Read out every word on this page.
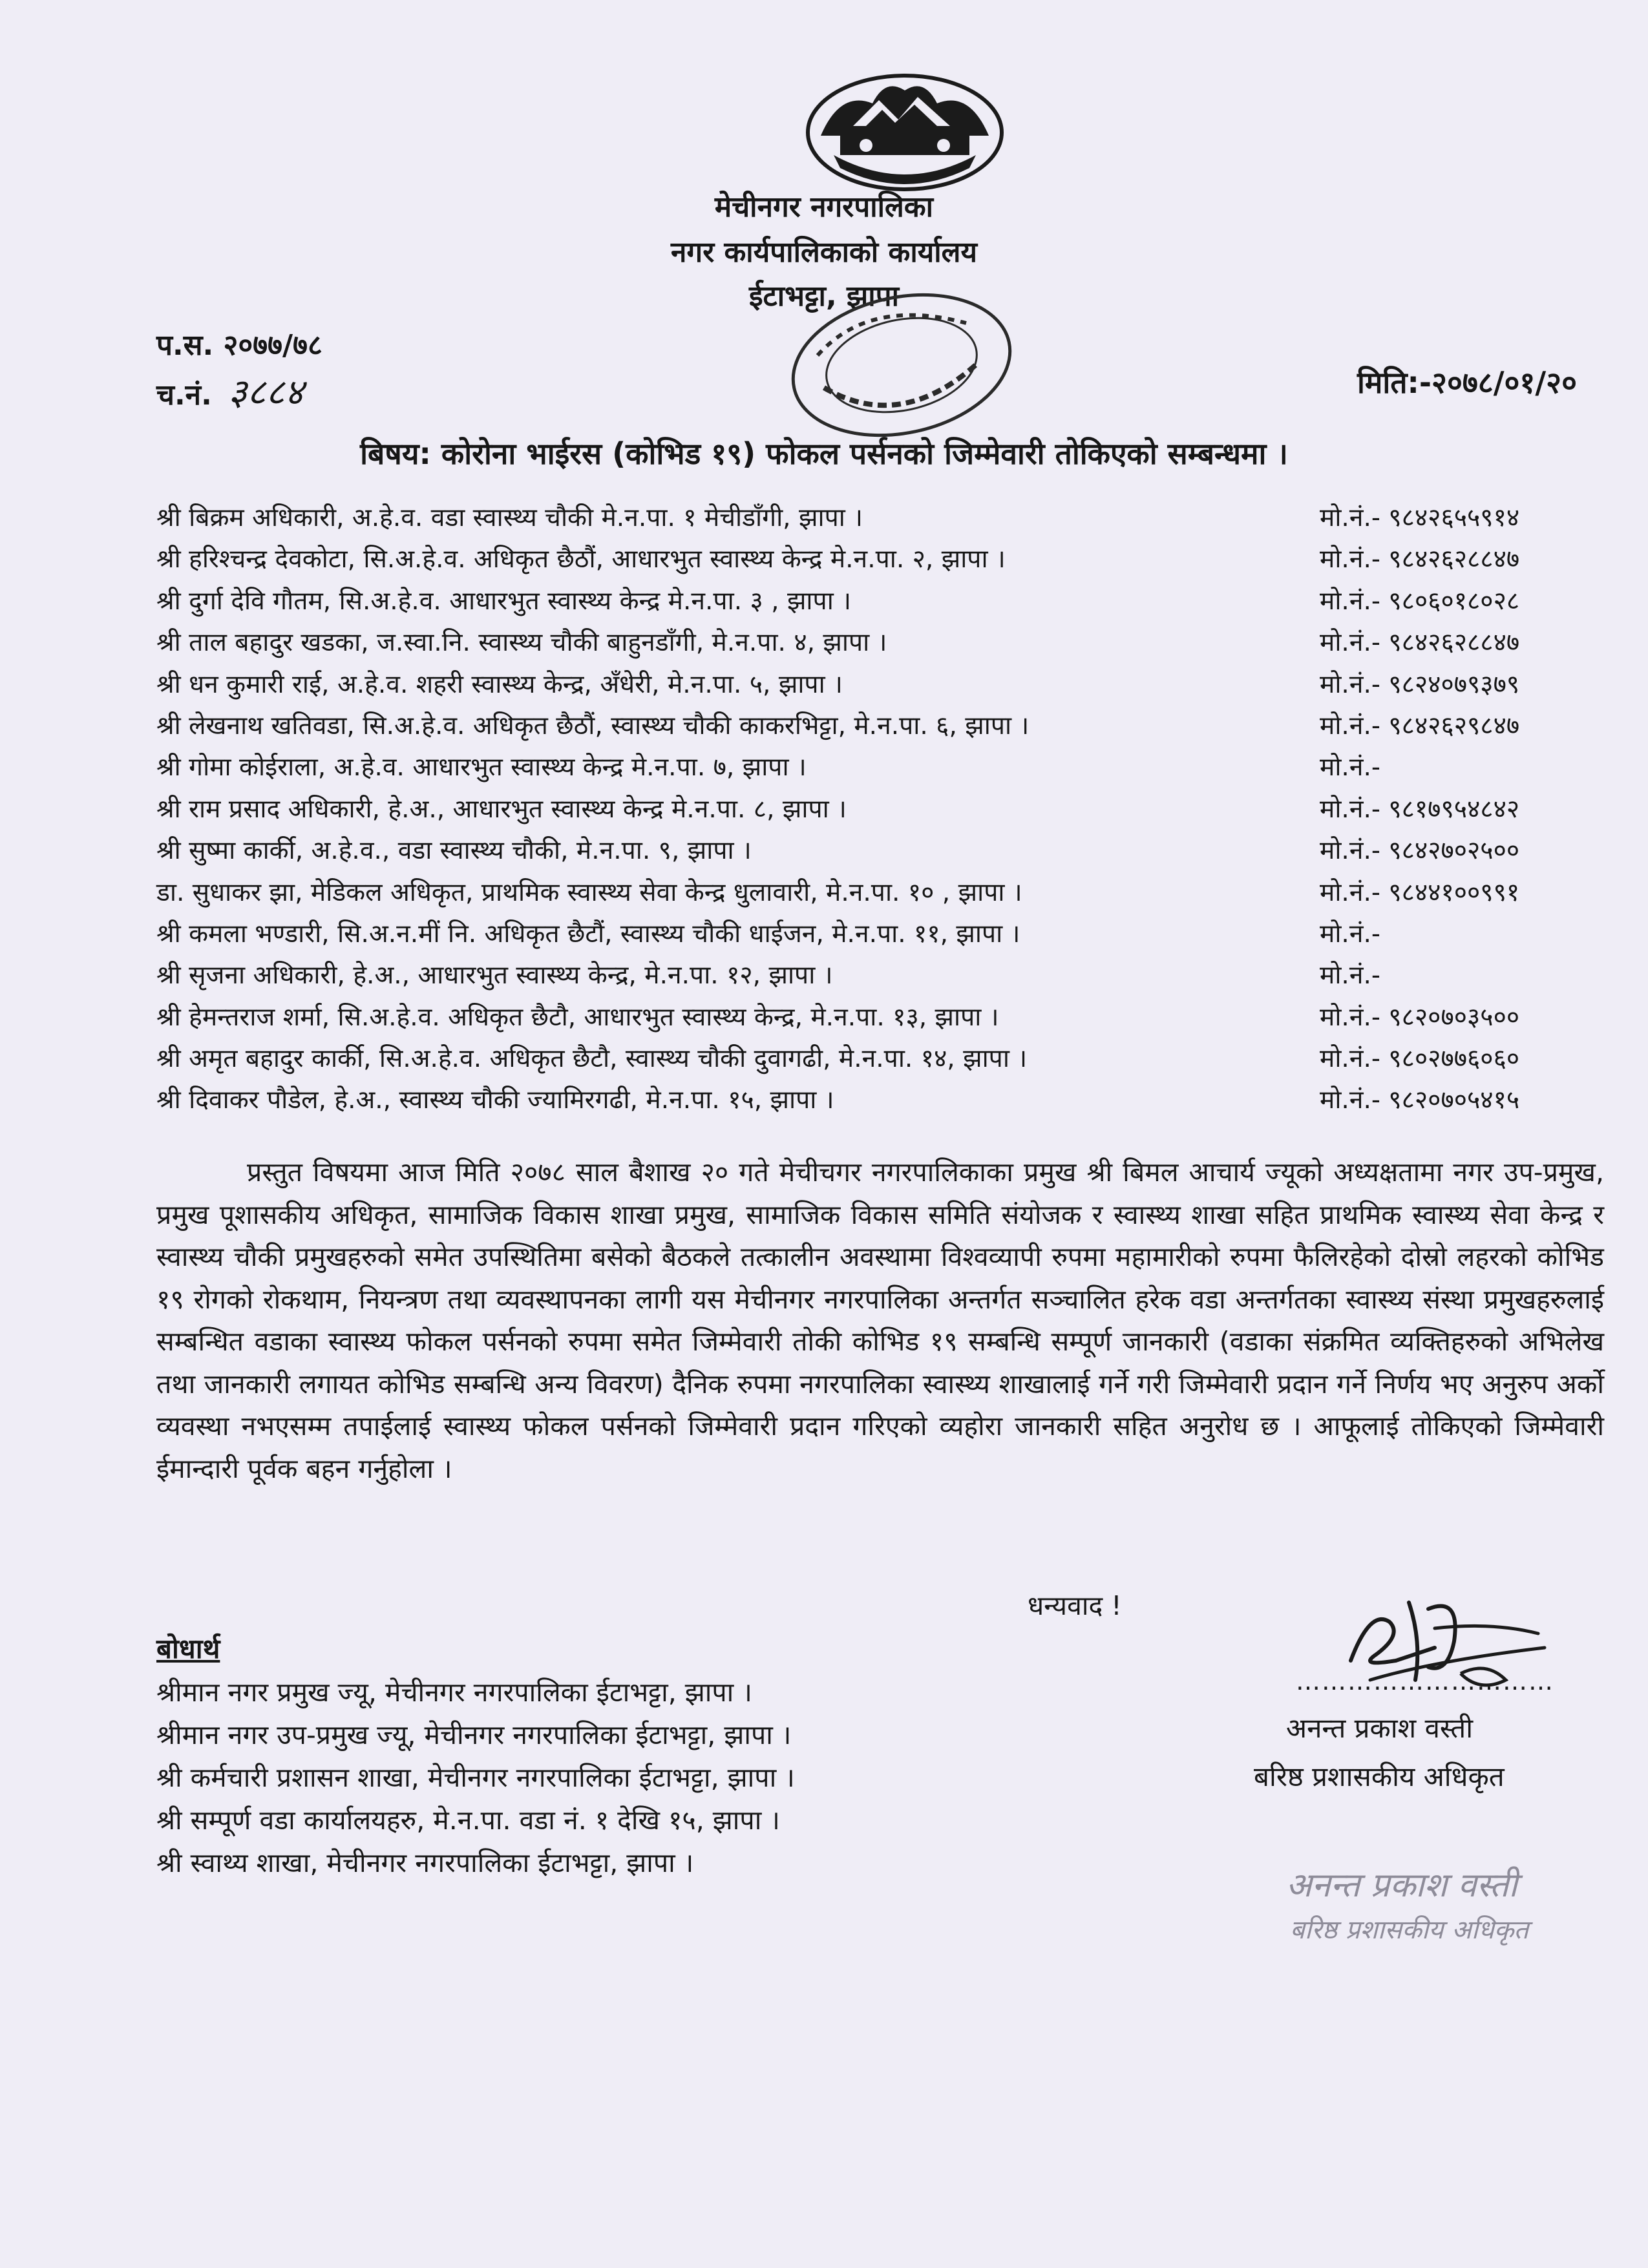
मेचीनगर नगरपालिका
नगर कार्यपालिकाको कार्यालय
ईटाभट्टा, झापा
प.स. २०७७/७८
च.नं. ३८८४	मिति:-२०७८/०१/२०
बिषय: कोरोना भाईरस (कोभिड १९) फोकल पर्सनको जिम्मेवारी तोकिएको सम्बन्धमा ।
श्री बिक्रम अधिकारी, अ.हे.व. वडा स्वास्थ्य चौकी मे.न.पा. १ मेचीडाँगी, झापा ।	मो.नं.- ९८४२६५५९१४
श्री हरिश्चन्द्र देवकोटा, सि.अ.हे.व. अधिकृत छैठौं, आधारभुत स्वास्थ्य केन्द्र मे.न.पा. २, झापा ।	मो.नं.- ९८४२६२८८४७
श्री दुर्गा देवि गौतम, सि.अ.हे.व. आधारभुत स्वास्थ्य केन्द्र मे.न.पा. ३ , झापा ।	मो.नं.- ९८०६०१८०२८
श्री ताल बहादुर खडका, ज.स्वा.नि. स्वास्थ्य चौकी बाहुनडाँगी, मे.न.पा. ४, झापा ।	मो.नं.- ९८४२६२८८४७
श्री धन कुमारी राई, अ.हे.व. शहरी स्वास्थ्य केन्द्र, अँधेरी, मे.न.पा. ५, झापा ।	मो.नं.- ९८२४०७९३७९
श्री लेखनाथ खतिवडा, सि.अ.हे.व. अधिकृत छैठौं, स्वास्थ्य चौकी काकरभिट्टा, मे.न.पा. ६, झापा ।	मो.नं.- ९८४२६२९८४७
श्री गोमा कोईराला, अ.हे.व. आधारभुत स्वास्थ्य केन्द्र मे.न.पा. ७, झापा ।	मो.नं.-
श्री राम प्रसाद अधिकारी, हे.अ., आधारभुत स्वास्थ्य केन्द्र मे.न.पा. ८, झापा ।	मो.नं.- ९८१७९५४८४२
श्री सुष्मा कार्की, अ.हे.व., वडा स्वास्थ्य चौकी, मे.न.पा. ९, झापा ।	मो.नं.- ९८४२७०२५००
डा. सुधाकर झा, मेडिकल अधिकृत, प्राथमिक स्वास्थ्य सेवा केन्द्र धुलावारी, मे.न.पा. १० , झापा ।	मो.नं.- ९८४४१००९९१
श्री कमला भण्डारी, सि.अ.न.मीं नि. अधिकृत छैटौं, स्वास्थ्य चौकी धाईजन, मे.न.पा. ११, झापा ।	मो.नं.-
श्री सृजना अधिकारी, हे.अ., आधारभुत स्वास्थ्य केन्द्र, मे.न.पा. १२, झापा ।	मो.नं.-
श्री हेमन्तराज शर्मा, सि.अ.हे.व. अधिकृत छैटौ, आधारभुत स्वास्थ्य केन्द्र, मे.न.पा. १३, झापा ।	मो.नं.- ९८२०७०३५००
श्री अमृत बहादुर कार्की, सि.अ.हे.व. अधिकृत छैटौ, स्वास्थ्य चौकी दुवागढी, मे.न.पा. १४, झापा ।	मो.नं.- ९८०२७७६०६०
श्री दिवाकर पौडेल, हे.अ., स्वास्थ्य चौकी ज्यामिरगढी, मे.न.पा. १५, झापा ।	मो.नं.- ९८२०७०५४१५
प्रस्तुत विषयमा आज मिति २०७८ साल बैशाख २० गते मेचीचगर नगरपालिकाका प्रमुख श्री बिमल आचार्य ज्यूको अध्यक्षतामा नगर उप-प्रमुख, प्रमुख पूशासकीय अधिकृत, सामाजिक विकास शाखा प्रमुख, सामाजिक विकास समिति संयोजक र स्वास्थ्य शाखा सहित प्राथमिक स्वास्थ्य सेवा केन्द्र र स्वास्थ्य चौकी प्रमुखहरुको समेत उपस्थितिमा बसेको बैठकले तत्कालीन अवस्थामा विश्वव्यापी रुपमा महामारीको रुपमा फैलिरहेको दोस्रो लहरको कोभिड १९ रोगको रोकथाम, नियन्त्रण तथा व्यवस्थापनका लागी यस मेचीनगर नगरपालिका अन्तर्गत सञ्चालित हरेक वडा अन्तर्गतका स्वास्थ्य संस्था प्रमुखहरुलाई सम्बन्धित वडाका स्वास्थ्य फोकल पर्सनको रुपमा समेत जिम्मेवारी तोकी कोभिड १९ सम्बन्धि सम्पूर्ण जानकारी (वडाका संक्रमित व्यक्तिहरुको अभिलेख तथा जानकारी लगायत कोभिड सम्बन्धि अन्य विवरण) दैनिक रुपमा नगरपालिका स्वास्थ्य शाखालाई गर्ने गरी जिम्मेवारी प्रदान गर्ने निर्णय भए अनुरुप अर्को व्यवस्था नभएसम्म तपाईलाई स्वास्थ्य फोकल पर्सनको जिम्मेवारी प्रदान गरिएको व्यहोरा जानकारी सहित अनुरोध छ । आफूलाई तोकिएको जिम्मेवारी ईमान्दारी पूर्वक बहन गर्नुहोला ।
धन्यवाद !
…………………………
अनन्त प्रकाश वस्ती
बरिष्ठ प्रशासकीय अधिकृत
अनन्त प्रकाश वस्ती
बरिष्ठ प्रशासकीय अधिकृत
बोधार्थ
श्रीमान नगर प्रमुख ज्यू, मेचीनगर नगरपालिका ईटाभट्टा, झापा ।
श्रीमान नगर उप-प्रमुख ज्यू, मेचीनगर नगरपालिका ईटाभट्टा, झापा ।
श्री कर्मचारी प्रशासन शाखा, मेचीनगर नगरपालिका ईटाभट्टा, झापा ।
श्री सम्पूर्ण वडा कार्यालयहरु, मे.न.पा. वडा नं. १ देखि १५, झापा ।
श्री स्वाथ्य शाखा, मेचीनगर नगरपालिका ईटाभट्टा, झापा ।
